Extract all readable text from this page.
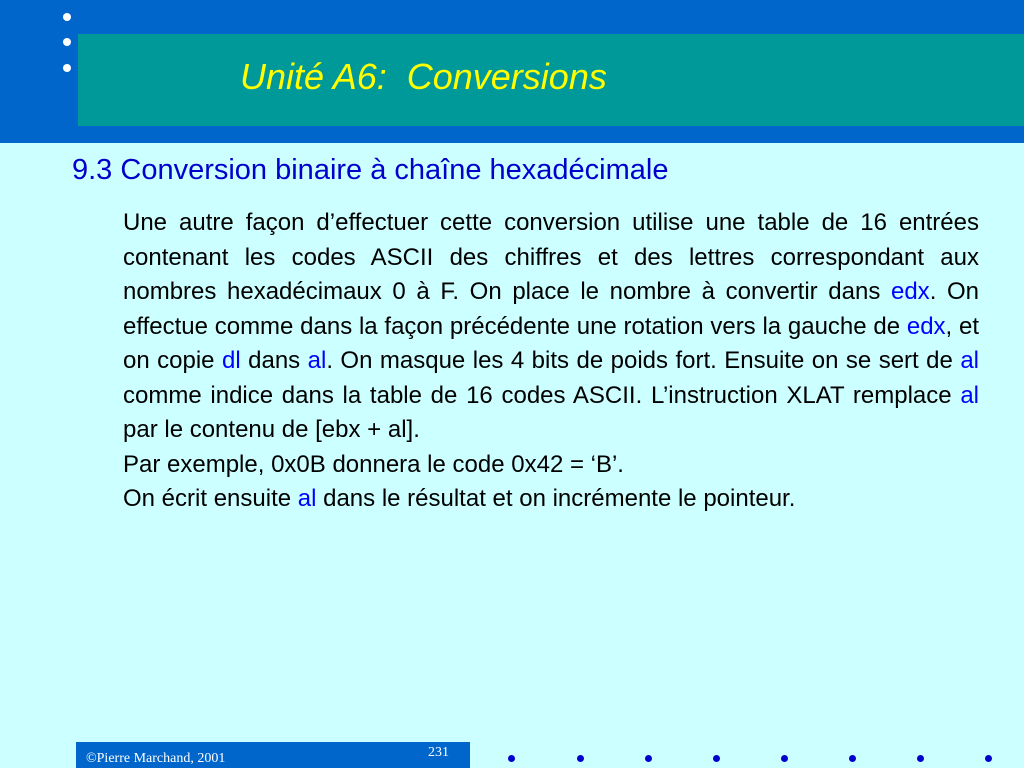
Unité A6:  Conversions
9.3 Conversion binaire à chaîne hexadécimale

Une autre façon d’effectuer cette conversion utilise une table de 16 entrées contenant les codes ASCII des chiffres et des lettres correspondant aux nombres hexadécimaux 0 à F. On place le nombre à convertir dans edx. On effectue comme dans la façon précédente une rotation vers la gauche de edx, et on copie dl dans al. On masque les 4 bits de poids fort. Ensuite on se sert de al comme indice dans la table de 16 codes ASCII. L’instruction XLAT remplace al par le contenu de [ebx + al].

Par exemple, 0x0B donnera le code 0x42 = ‘B’.

On écrit ensuite al dans le résultat et on incrémente le pointeur.

©Pierre Marchand, 2001	231
